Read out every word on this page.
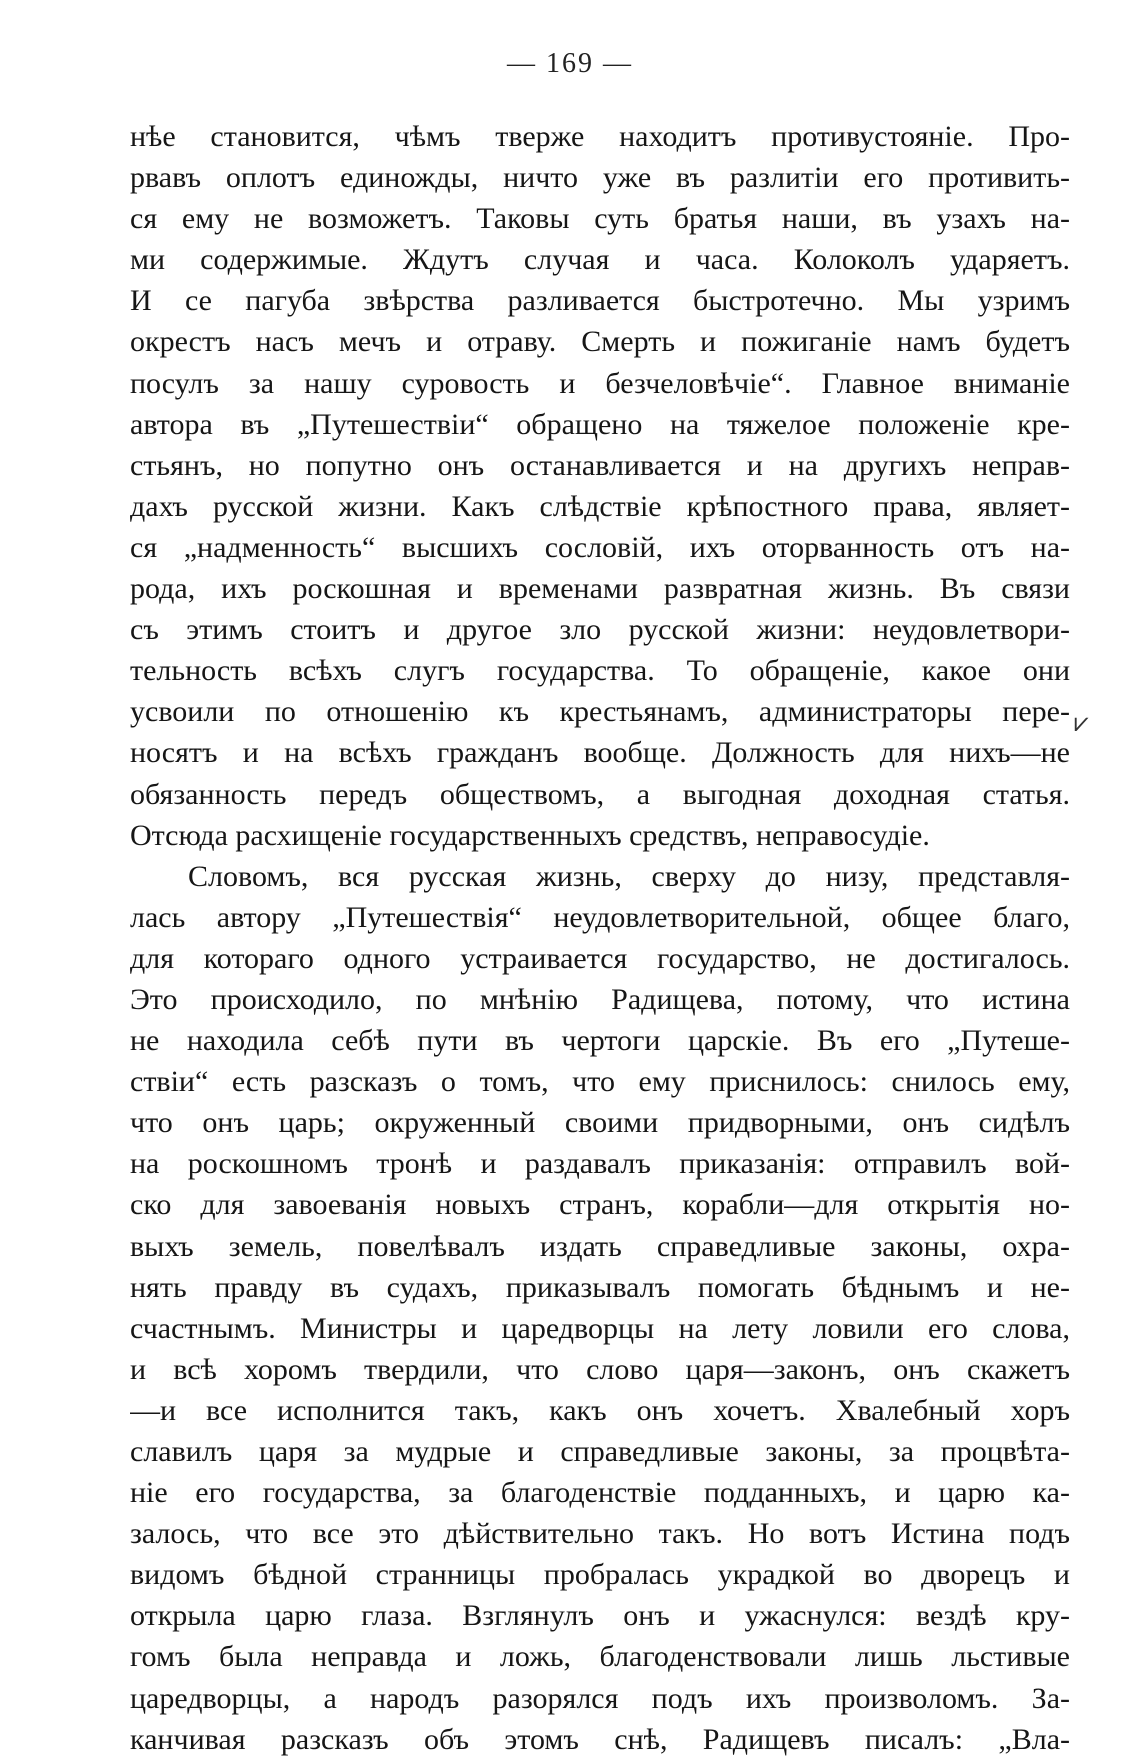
— 169 —
нѣе становится, чѣмъ тверже находитъ противустояніе. Про-
рвавъ оплотъ единожды, ничто уже въ разлитіи его противить-
ся ему не возможетъ. Таковы суть братья наши, въ узахъ на-
ми содержимые. Ждутъ случая и часа. Колоколъ ударяетъ.
И се пагуба звѣрства разливается быстротечно. Мы узримъ
окрестъ насъ мечъ и отраву. Смерть и пожиганіе намъ будетъ
посулъ за нашу суровость и безчеловѣчіе“. Главное вниманіе
автора въ „Путешествіи“ обращено на тяжелое положеніе кре-
стьянъ, но попутно онъ останавливается и на другихъ неправ-
дахъ русской жизни. Какъ слѣдствіе крѣпостного права, являет-
ся „надменность“ высшихъ сословій, ихъ оторванность отъ на-
рода, ихъ роскошная и временами развратная жизнь. Въ связи
съ этимъ стоитъ и другое зло русской жизни: неудовлетвори-
тельность всѣхъ слугъ государства. То обращеніе, какое они
усвоили по отношенію къ крестьянамъ, администраторы пере-
носятъ и на всѣхъ гражданъ вообще. Должность для нихъ—не
обязанность передъ обществомъ, а выгодная доходная статья.
Отсюда расхищеніе государственныхъ средствъ, неправосудіе.
Словомъ, вся русская жизнь, сверху до низу, представля-
лась автору „Путешествія“ неудовлетворительной, общее благо,
для котораго одного устраивается государство, не достигалось.
Это происходило, по мнѣнію Радищева, потому, что истина
не находила себѣ пути въ чертоги царскіе. Въ его „Путеше-
ствіи“ есть разсказъ о томъ, что ему приснилось: снилось ему,
что онъ царь; окруженный своими придворными, онъ сидѣлъ
на роскошномъ тронѣ и раздавалъ приказанія: отправилъ вой-
ско для завоеванія новыхъ странъ, корабли—для открытія но-
выхъ земель, повелѣвалъ издать справедливые законы, охра-
нять правду въ судахъ, приказывалъ помогать бѣднымъ и не-
счастнымъ. Министры и царедворцы на лету ловили его слова,
и всѣ хоромъ твердили, что слово царя—законъ, онъ скажетъ
—и все исполнится такъ, какъ онъ хочетъ. Хвалебный хоръ
славилъ царя за мудрые и справедливые законы, за процвѣта-
ніе его государства, за благоденствіе подданныхъ, и царю ка-
залось, что все это дѣйствительно такъ. Но вотъ Истина подъ
видомъ бѣдной странницы пробралась украдкой во дворецъ и
открыла царю глаза. Взглянулъ онъ и ужаснулся: вездѣ кру-
гомъ была неправда и ложь, благоденствовали лишь льстивые
царедворцы, а народъ разорялся подъ ихъ произволомъ. За-
канчивая разсказъ объ этомъ снѣ, Радищевъ писалъ: „Вла-
⩗
